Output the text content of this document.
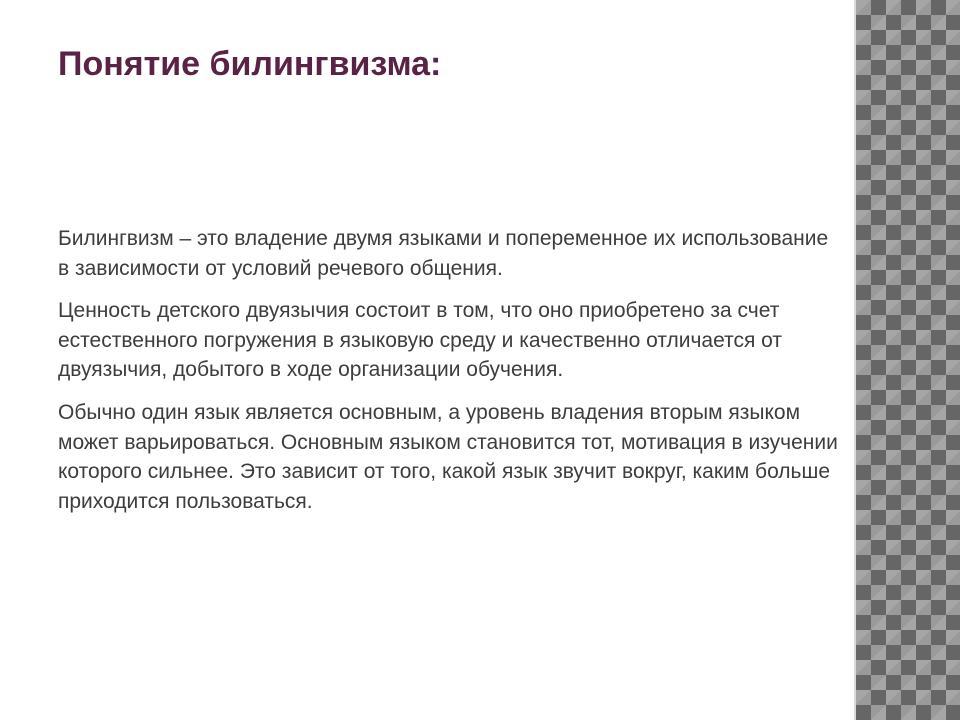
Понятие билингвизма:

Билингвизм – это владение двумя языками и попеременное их использование в зависимости от условий речевого общения.

Ценность детского двуязычия состоит в том, что оно приобретено за счет естественного погружения в языковую среду и качественно отличается от двуязычия, добытого в ходе организации обучения.

Обычно один язык является основным, а уровень владения вторым языком может варьироваться. Основным языком становится тот, мотивация в изучении которого сильнее. Это зависит от того, какой язык звучит вокруг, каким больше приходится пользоваться.
